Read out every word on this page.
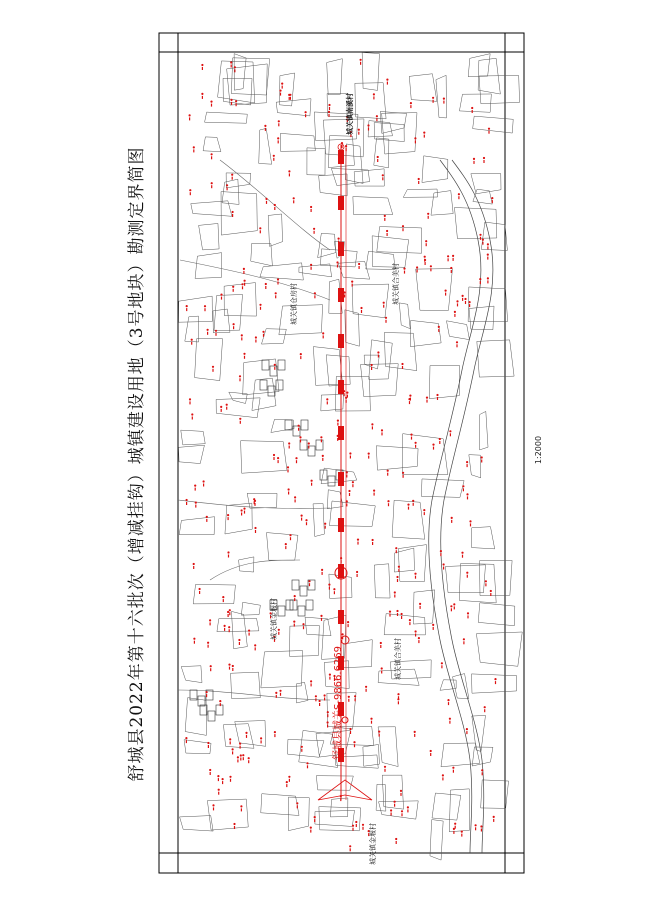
舒城县2022年第十六批次（增减挂钩）城镇建设用地（3号地块）勘测定界简图	城关镇仓房村	城关镇合美村
城关镇金堰村
城关镇合美村
城关镇金堰村
城关镇南溪村
舒城县城关S-9866.6269
1:2000
